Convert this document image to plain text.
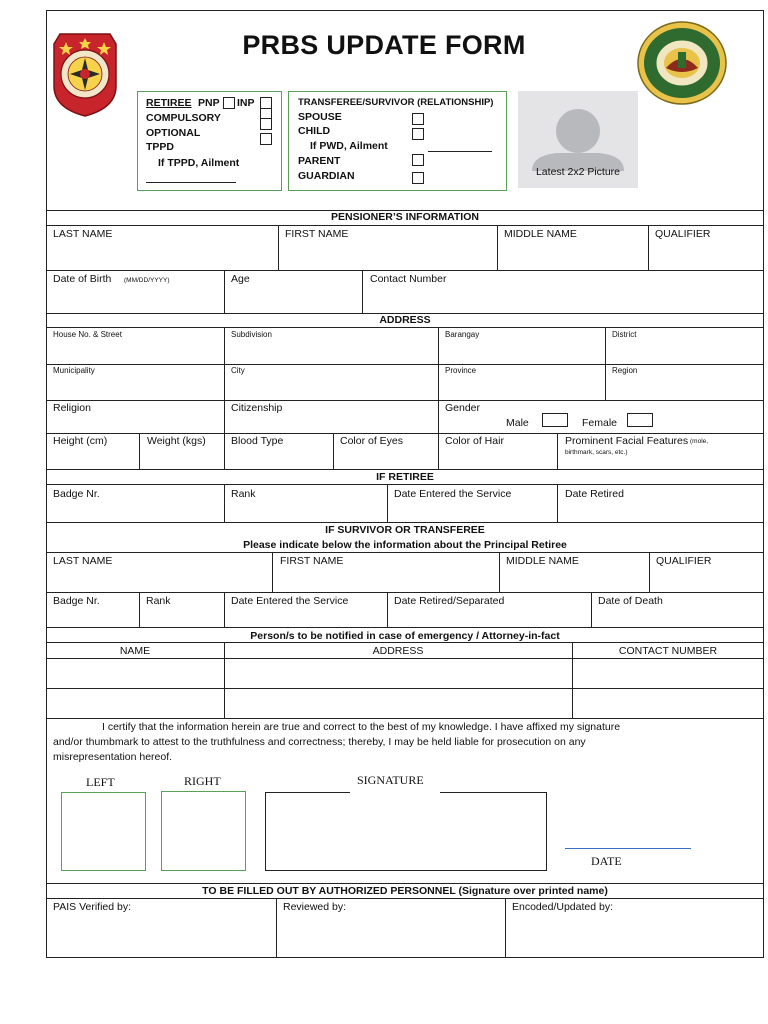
PRBS UPDATE FORM
RETIREE PNP INP
COMPULSORY
OPTIONAL
TPPD
If TPPD, Ailment
TRANSFEREE/SURVIVOR (RELATIONSHIP)
SPOUSE
CHILD
If PWD, Ailment
PARENT
GUARDIAN	Latest 2x2 Picture
PENSIONER’S INFORMATION
LAST NAME	FIRST NAME	MIDDLE NAME	QUALIFIER
Date of Birth (MM/DD/YYYY)	Age	Contact Number
ADDRESS
House No. & Street	Subdivision	Barangay	District
Municipality	City	Province	Region
Religion	Citizenship	Gender
Male	Female
Height (cm)	Weight (kgs) Blood Type	Color of Eyes	Color of Hair	Prominent Facial Features (mole,
birthmark, scars, etc.)
IF RETIREE
Badge Nr.	Rank	Date Entered the Service	Date Retired
IF SURVIVOR OR TRANSFEREE
Please indicate below the information about the Principal Retiree
LAST NAME	FIRST NAME	MIDDLE NAME	QUALIFIER
Badge Nr.	Rank	Date Entered the Service	Date Retired/Separated	Date of Death
Person/s to be notified in case of emergency / Attorney-in-fact
NAME	ADDRESS	CONTACT NUMBER
I certify that the information herein are true and correct to the best of my knowledge. I have affixed my signature
and/or thumbmark to attest to the truthfulness and correctness; thereby, I may be held liable for prosecution on any
misrepresentation hereof.
LEFT	RIGHT	SIGNATURE
DATE
TO BE FILLED OUT BY AUTHORIZED PERSONNEL (Signature over printed name)
PAIS Verified by:	Reviewed by:	Encoded/Updated by:
